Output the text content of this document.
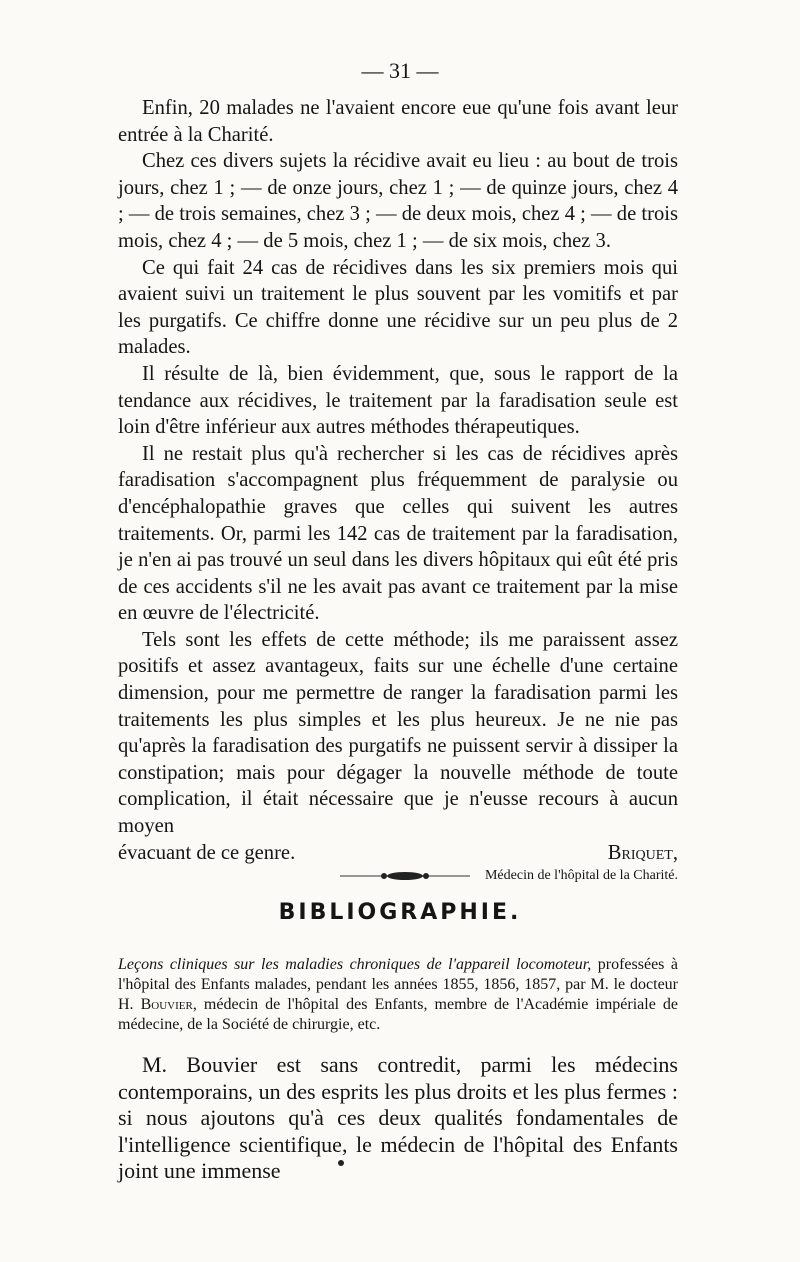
— 31 —

Enfin, 20 malades ne l'avaient encore eue qu'une fois avant leur entrée à la Charité.

Chez ces divers sujets la récidive avait eu lieu : au bout de trois jours, chez 1 ; — de onze jours, chez 1 ; — de quinze jours, chez 4 ; — de trois semaines, chez 3 ; — de deux mois, chez 4 ; — de trois mois, chez 4 ; — de 5 mois, chez 1 ; — de six mois, chez 3.

Ce qui fait 24 cas de récidives dans les six premiers mois qui avaient suivi un traitement le plus souvent par les vomitifs et par les purgatifs. Ce chiffre donne une récidive sur un peu plus de 2 malades.

Il résulte de là, bien évidemment, que, sous le rapport de la tendance aux récidives, le traitement par la faradisation seule est loin d'être inférieur aux autres méthodes thérapeutiques.

Il ne restait plus qu'à rechercher si les cas de récidives après faradisation s'accompagnent plus fréquemment de paralysie ou d'encéphalopathie graves que celles qui suivent les autres traitements. Or, parmi les 142 cas de traitement par la faradisation, je n'en ai pas trouvé un seul dans les divers hôpitaux qui eût été pris de ces accidents s'il ne les avait pas avant ce traitement par la mise en œuvre de l'électricité.

Tels sont les effets de cette méthode; ils me paraissent assez positifs et assez avantageux, faits sur une échelle d'une certaine dimension, pour me permettre de ranger la faradisation parmi les traitements les plus simples et les plus heureux. Je ne nie pas qu'après la faradisation des purgatifs ne puissent servir à dissiper la constipation; mais pour dégager la nouvelle méthode de toute complication, il était nécessaire que je n'eusse recours à aucun moyen

évacuant de ce genre.	Briquet,
Médecin de l'hôpital de la Charité.
BIBLIOGRAPHIE.

Leçons cliniques sur les maladies chroniques de l'appareil locomoteur, professées à l'hôpital des Enfants malades, pendant les années 1855, 1856, 1857, par M. le docteur H. Bouvier, médecin de l'hôpital des Enfants, membre de l'Académie impériale de médecine, de la Société de chirurgie, etc.

M. Bouvier est sans contredit, parmi les médecins contemporains, un des esprits les plus droits et les plus fermes : si nous ajoutons qu'à ces deux qualités fondamentales de l'intelligence scientifique, le médecin de l'hôpital des Enfants joint une immense
